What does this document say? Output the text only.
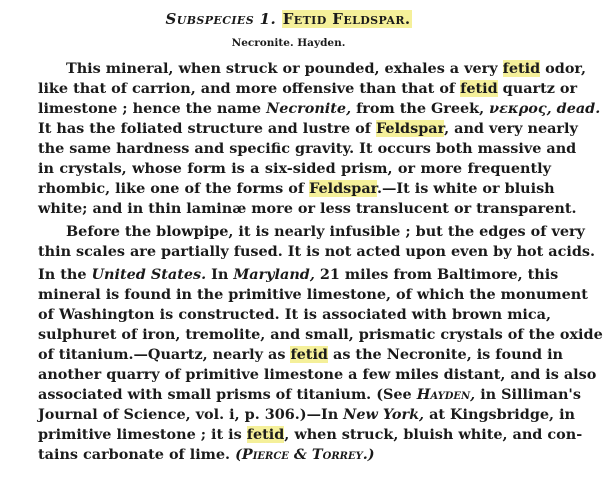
Subspecies 1. Fetid Feldspar.
Necronite. Hayden.
This mineral, when struck or pounded, exhales a very fetid odor,
like that of carrion, and more offensive than that of fetid quartz or
limestone ; hence the name Necronite, from the Greek, νεκρος, dead.
It has the foliated structure and lustre of Feldspar, and very nearly
the same hardness and specific gravity. It occurs both massive and
in crystals, whose form is a six-sided prism, or more frequently
rhombic, like one of the forms of Feldspar.—It is white or bluish
white; and in thin laminæ more or less translucent or transparent.
Before the blowpipe, it is nearly infusible ; but the edges of very
thin scales are partially fused. It is not acted upon even by hot acids.
In the United States. In Maryland, 21 miles from Baltimore, this
mineral is found in the primitive limestone, of which the monument
of Washington is constructed. It is associated with brown mica,
sulphuret of iron, tremolite, and small, prismatic crystals of the oxide
of titanium.—Quartz, nearly as fetid as the Necronite, is found in
another quarry of primitive limestone a few miles distant, and is also
associated with small prisms of titanium. (See Hayden, in Silliman's
Journal of Science, vol. i, p. 306.)—In New York, at Kingsbridge, in
primitive limestone ; it is fetid, when struck, bluish white, and con-
tains carbonate of lime. (Pierce & Torrey.)
